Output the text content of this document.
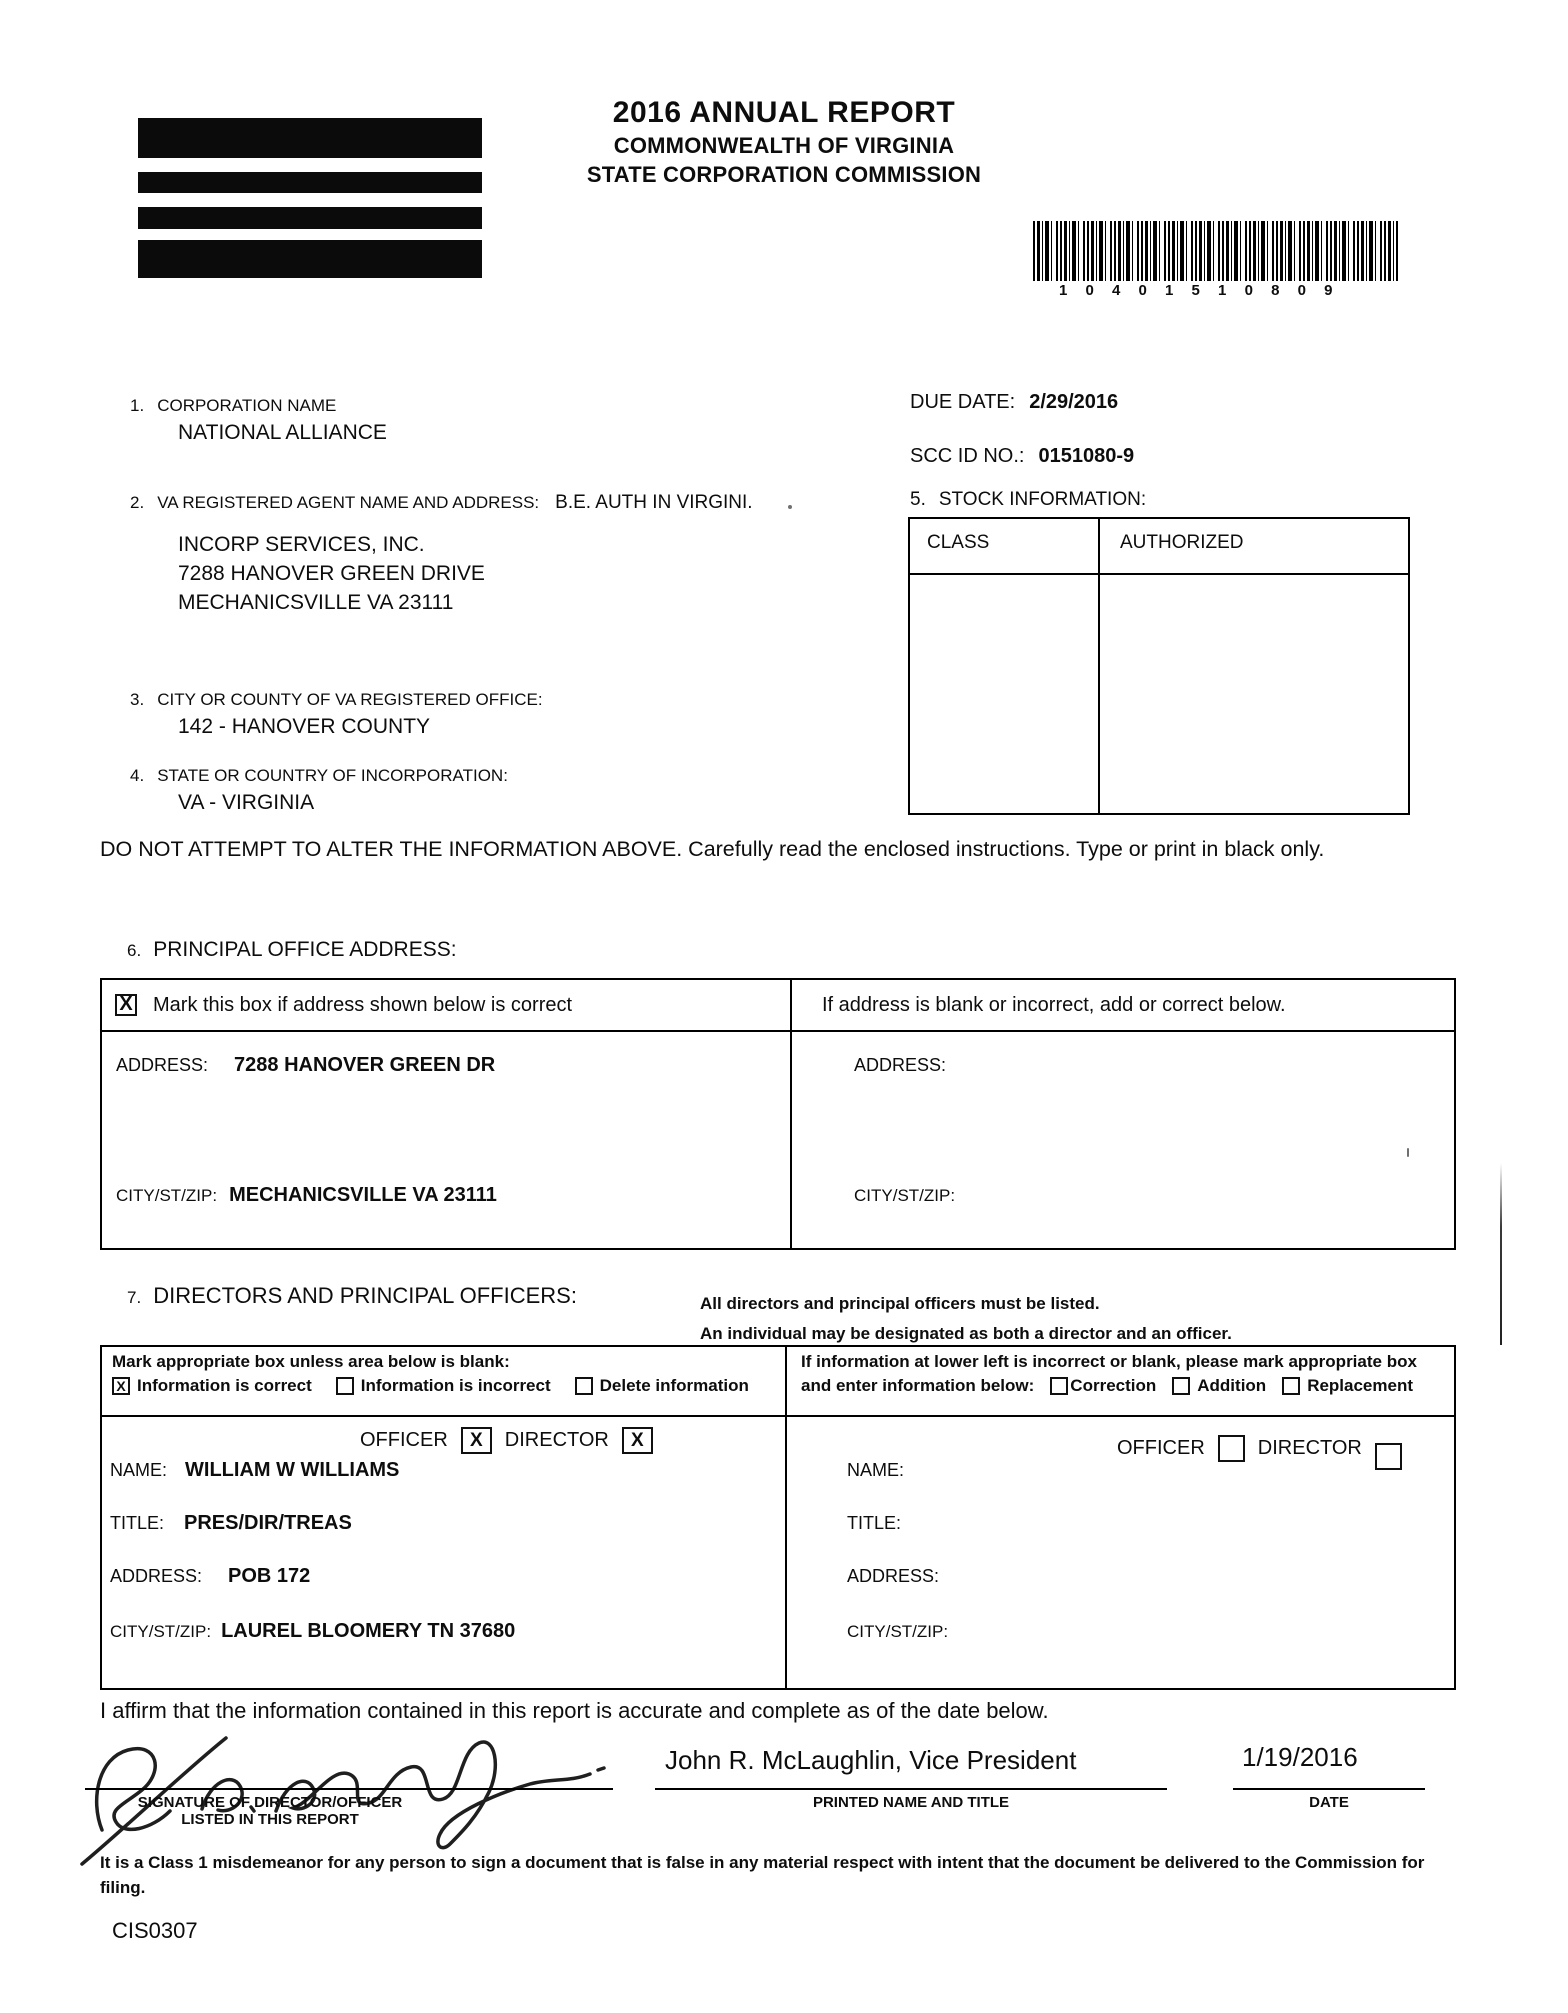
2016 ANNUAL REPORT
COMMONWEALTH OF VIRGINIA
STATE CORPORATION COMMISSION
1 0 4 0 1 5 1 0 8 0 9
1. CORPORATION NAME
NATIONAL ALLIANCE
DUE DATE: 2/29/2016
SCC ID NO.: 0151080-9
2. VA REGISTERED AGENT NAME AND ADDRESS: B.E. AUTH IN VIRGINI.
INCORP SERVICES, INC.
7288 HANOVER GREEN DRIVE
MECHANICSVILLE VA 23111
5. STOCK INFORMATION:
CLASS	AUTHORIZED
3. CITY OR COUNTY OF VA REGISTERED OFFICE:
142 - HANOVER COUNTY
4. STATE OR COUNTRY OF INCORPORATION:
VA - VIRGINIA
DO NOT ATTEMPT TO ALTER THE INFORMATION ABOVE. Carefully read the enclosed instructions. Type or print in black only.
6. PRINCIPAL OFFICE ADDRESS:
X Mark this box if address shown below is correct	If address is blank or incorrect, add or correct below.
ADDRESS: 7288 HANOVER GREEN DR
CITY/ST/ZIP: MECHANICSVILLE VA 23111
ADDRESS:
CITY/ST/ZIP:
7. DIRECTORS AND PRINCIPAL OFFICERS:	All directors and principal officers must be listed.
An individual may be designated as both a director and an officer.
Mark appropriate box unless area below is blank:
X Information is correct	Information is incorrect	Delete information
If information at lower left is incorrect or blank, please mark appropriate box
and enter information below: Correction Addition Replacement
OFFICER	X	DIRECTOR	X
NAME: WILLIAM W WILLIAMS
TITLE: PRES/DIR/TREAS
ADDRESS: POB 172
CITY/ST/ZIP: LAUREL BLOOMERY TN 37680
OFFICER	DIRECTOR
NAME:
TITLE:
ADDRESS:
CITY/ST/ZIP:
I affirm that the information contained in this report is accurate and complete as of the date below.
SIGNATURE OF DIRECTOR/OFFICER
LISTED IN THIS REPORT
John R. McLaughlin, Vice President
PRINTED NAME AND TITLE
1/19/2016
DATE
It is a Class 1 misdemeanor for any person to sign a document that is false in any material respect with intent that the document be delivered to the Commission for filing.
CIS0307
